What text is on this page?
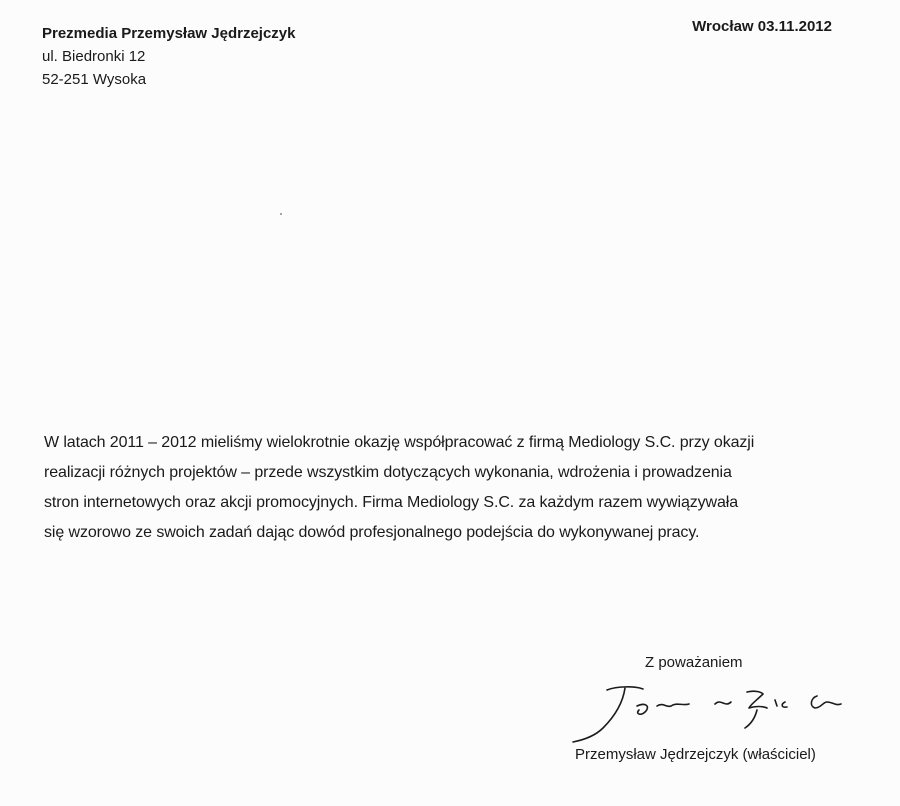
Prezmedia Przemysław Jędrzejczyk
ul. Biedronki 12
52-251 Wysoka
Wrocław 03.11.2012

W latach 2011 – 2012 mieliśmy wielokrotnie okazję współpracować z firmą Mediology S.C. przy okazji

realizacji różnych projektów – przede wszystkim dotyczących wykonania, wdrożenia i prowadzenia

stron internetowych oraz akcji promocyjnych. Firma Mediology S.C. za każdym razem wywiązywała

się wzorowo ze swoich zadań dając dowód profesjonalnego podejścia do wykonywanej pracy.

Z poważaniem
Przemysław Jędrzejczyk (właściciel)
